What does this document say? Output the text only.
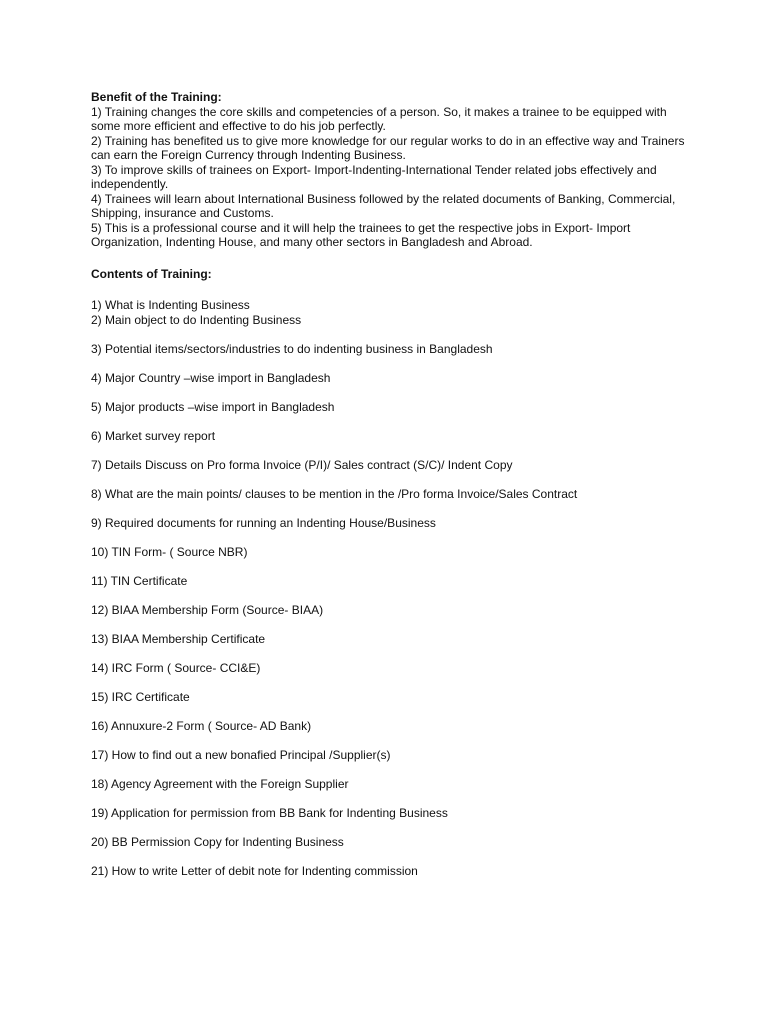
Benefit of the Training:

1) Training changes the core skills and competencies of a person. So, it makes a trainee to be equipped with some more efficient and effective to do his job perfectly.
2) Training has benefited us to give more knowledge for our regular works to do in an effective way and Trainers can earn the Foreign Currency through Indenting Business.
3) To improve skills of trainees on Export- Import-Indenting-International Tender related jobs effectively and independently.
4) Trainees will learn about International Business followed by the related documents of Banking, Commercial, Shipping, insurance and Customs.
5) This is a professional course and it will help the trainees to get the respective jobs in Export- Import Organization, Indenting House, and many other sectors in Bangladesh and Abroad.

Contents of Training:

1) What is Indenting Business
2) Main object to do Indenting Business
3) Potential items/sectors/industries to do indenting business in Bangladesh
4) Major Country –wise import in Bangladesh
5) Major products –wise import in Bangladesh
6) Market survey report
7) Details Discuss on Pro forma Invoice (P/I)/ Sales contract (S/C)/ Indent Copy
8) What are the main points/ clauses to be mention in the /Pro forma Invoice/Sales Contract
9) Required documents for running an Indenting House/Business
10) TIN Form- ( Source NBR)
11) TIN Certificate
12) BIAA Membership Form (Source- BIAA)
13) BIAA Membership Certificate
14) IRC Form ( Source- CCI&E)
15) IRC Certificate
16) Annuxure-2 Form ( Source- AD Bank)
17) How to find out a new bonafied Principal /Supplier(s)
18) Agency Agreement with the Foreign Supplier
19) Application for permission from BB Bank for Indenting Business
20) BB Permission Copy for Indenting Business
21) How to write Letter of debit note for Indenting commission
